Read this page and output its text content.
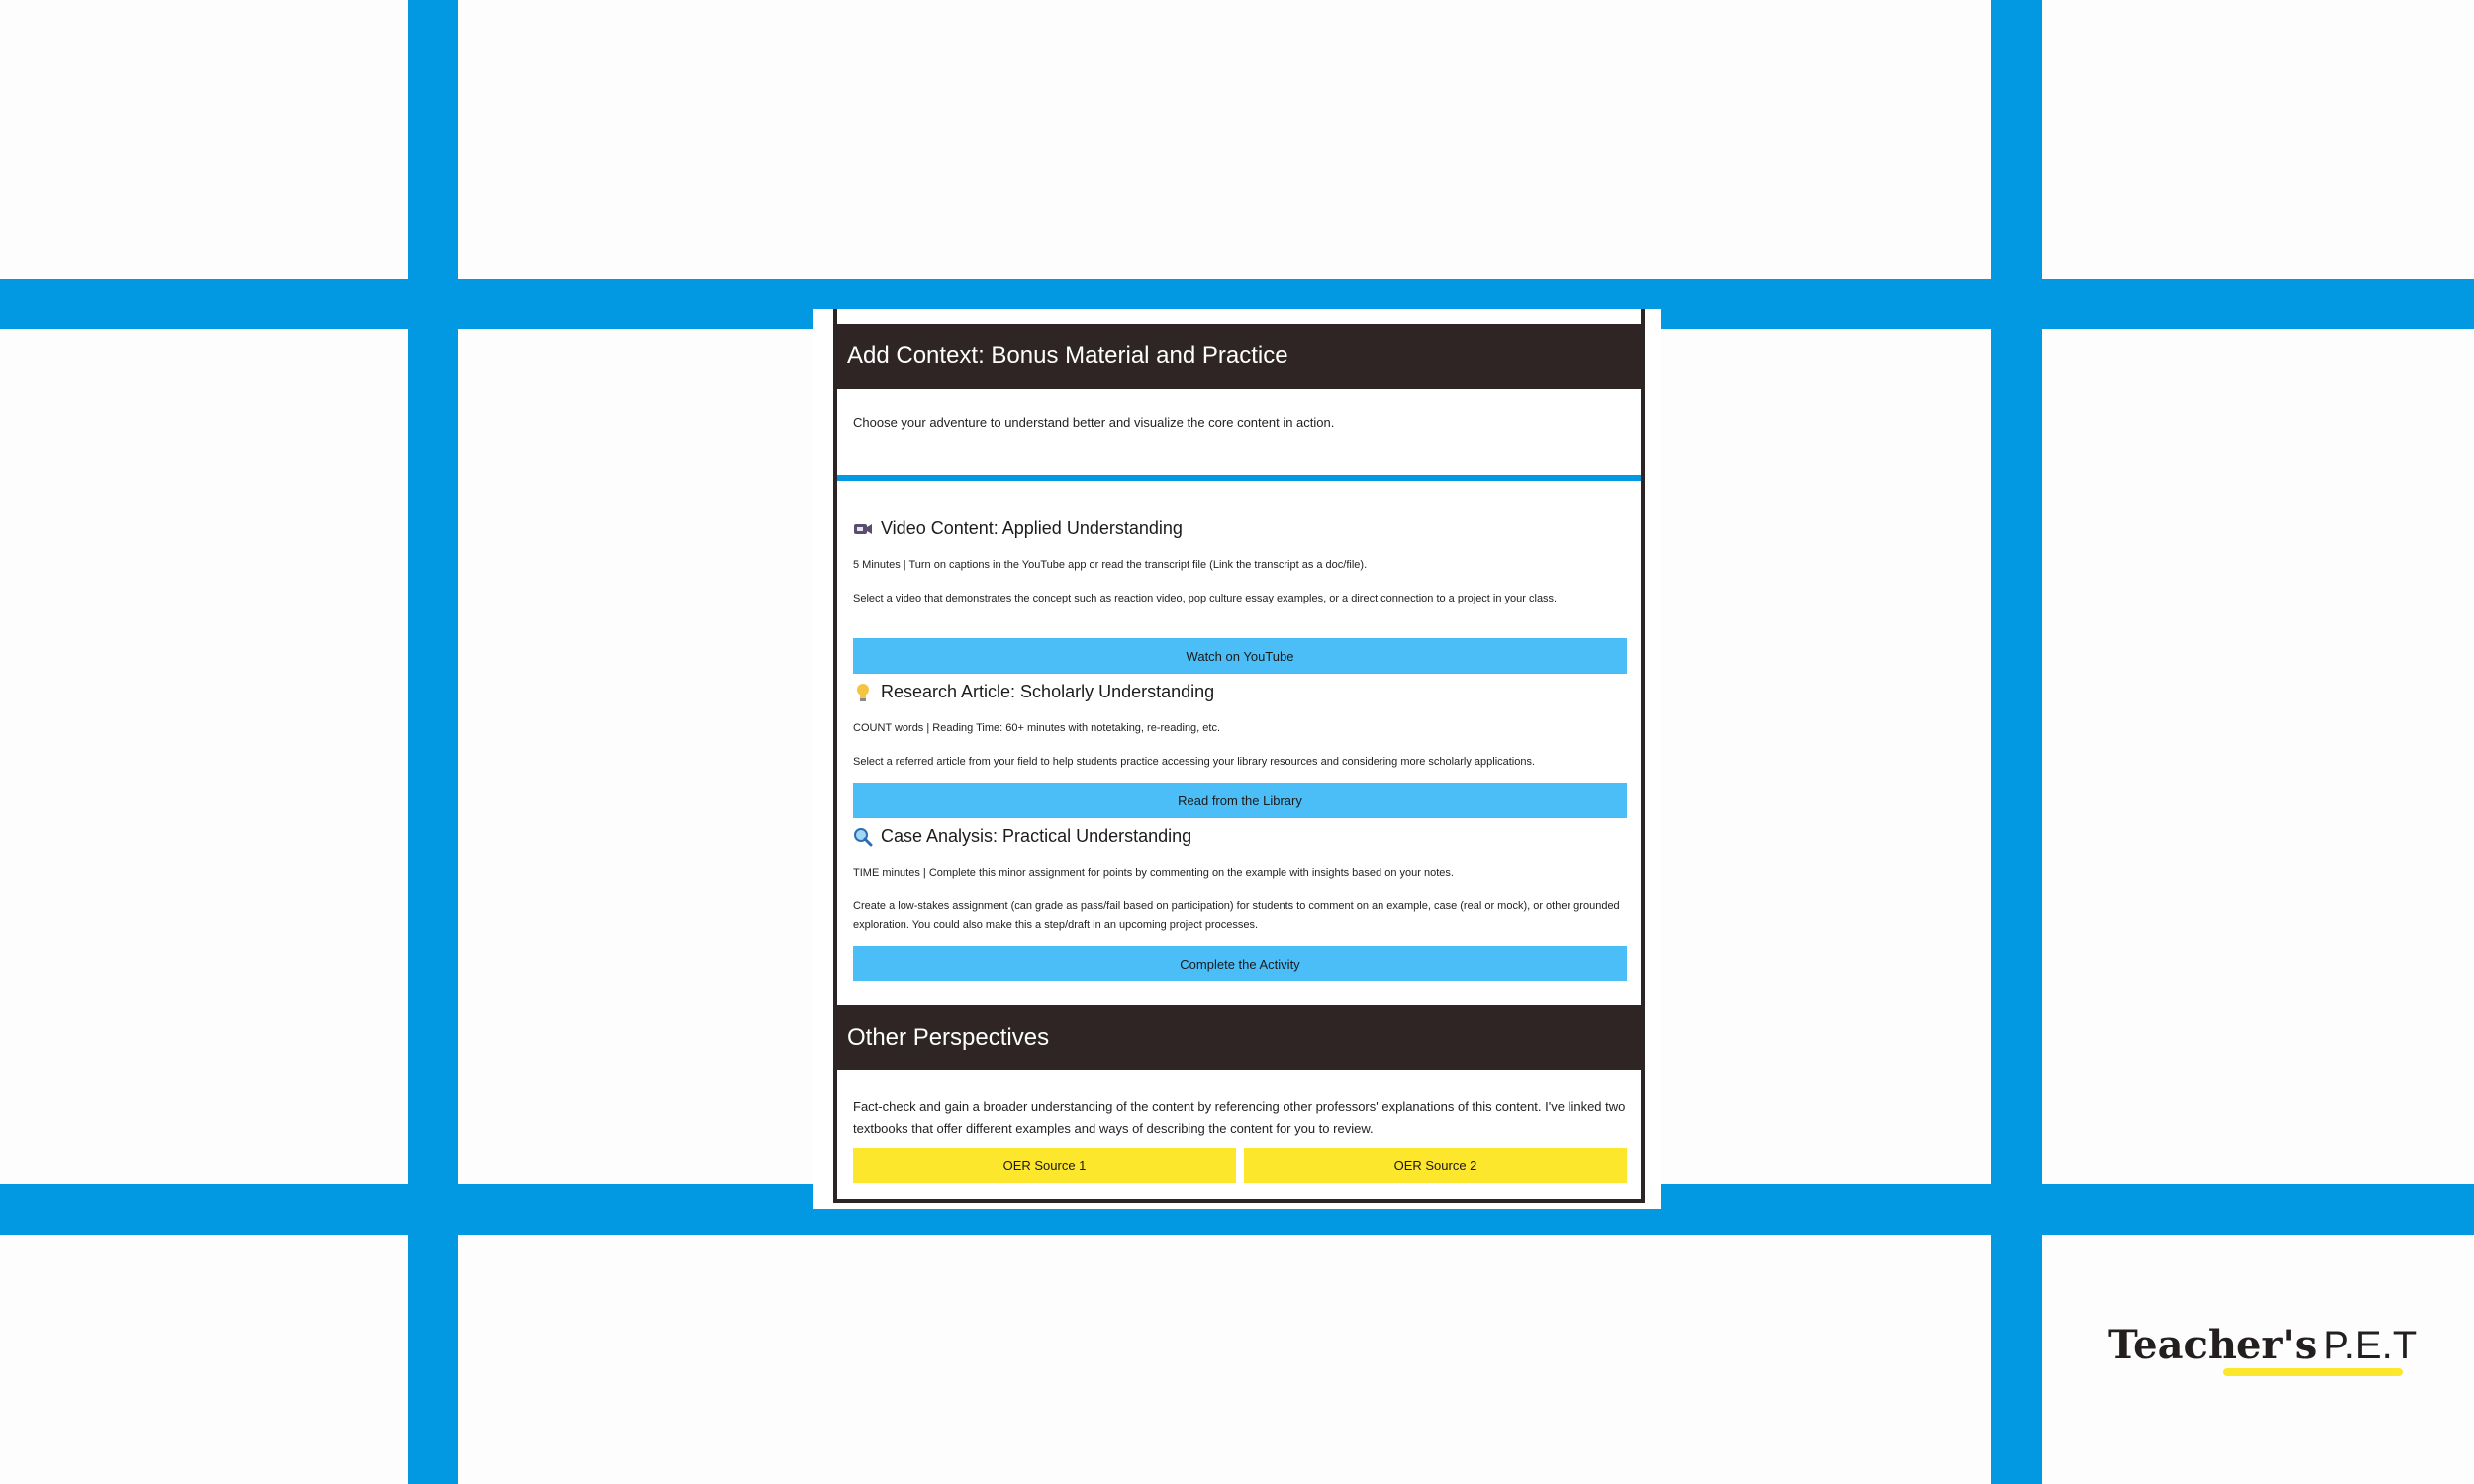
Add Context: Bonus Material and Practice
Choose your adventure to understand better and visualize the core content in action.
Video Content: Applied Understanding
5 Minutes | Turn on captions in the YouTube app or read the transcript file (Link the transcript as a doc/file).
Select a video that demonstrates the concept such as reaction video, pop culture essay examples, or a direct connection to a project in your class.
Watch on YouTube
Research Article: Scholarly Understanding
COUNT words | Reading Time: 60+ minutes with notetaking, re-reading, etc.
Select a referred article from your field to help students practice accessing your library resources and considering more scholarly applications.
Read from the Library
Case Analysis: Practical Understanding
TIME minutes | Complete this minor assignment for points by commenting on the example with insights based on your notes.
Create a low-stakes assignment (can grade as pass/fail based on participation) for students to comment on an example, case (real or mock), or other grounded exploration. You could also make this a step/draft in an upcoming project processes.
Complete the Activity
Other Perspectives
Fact-check and gain a broader understanding of the content by referencing other professors' explanations of this content. I've linked two textbooks that offer different examples and ways of describing the content for you to review.
OER Source 1	OER Source 2
Teacher's P.E.T
